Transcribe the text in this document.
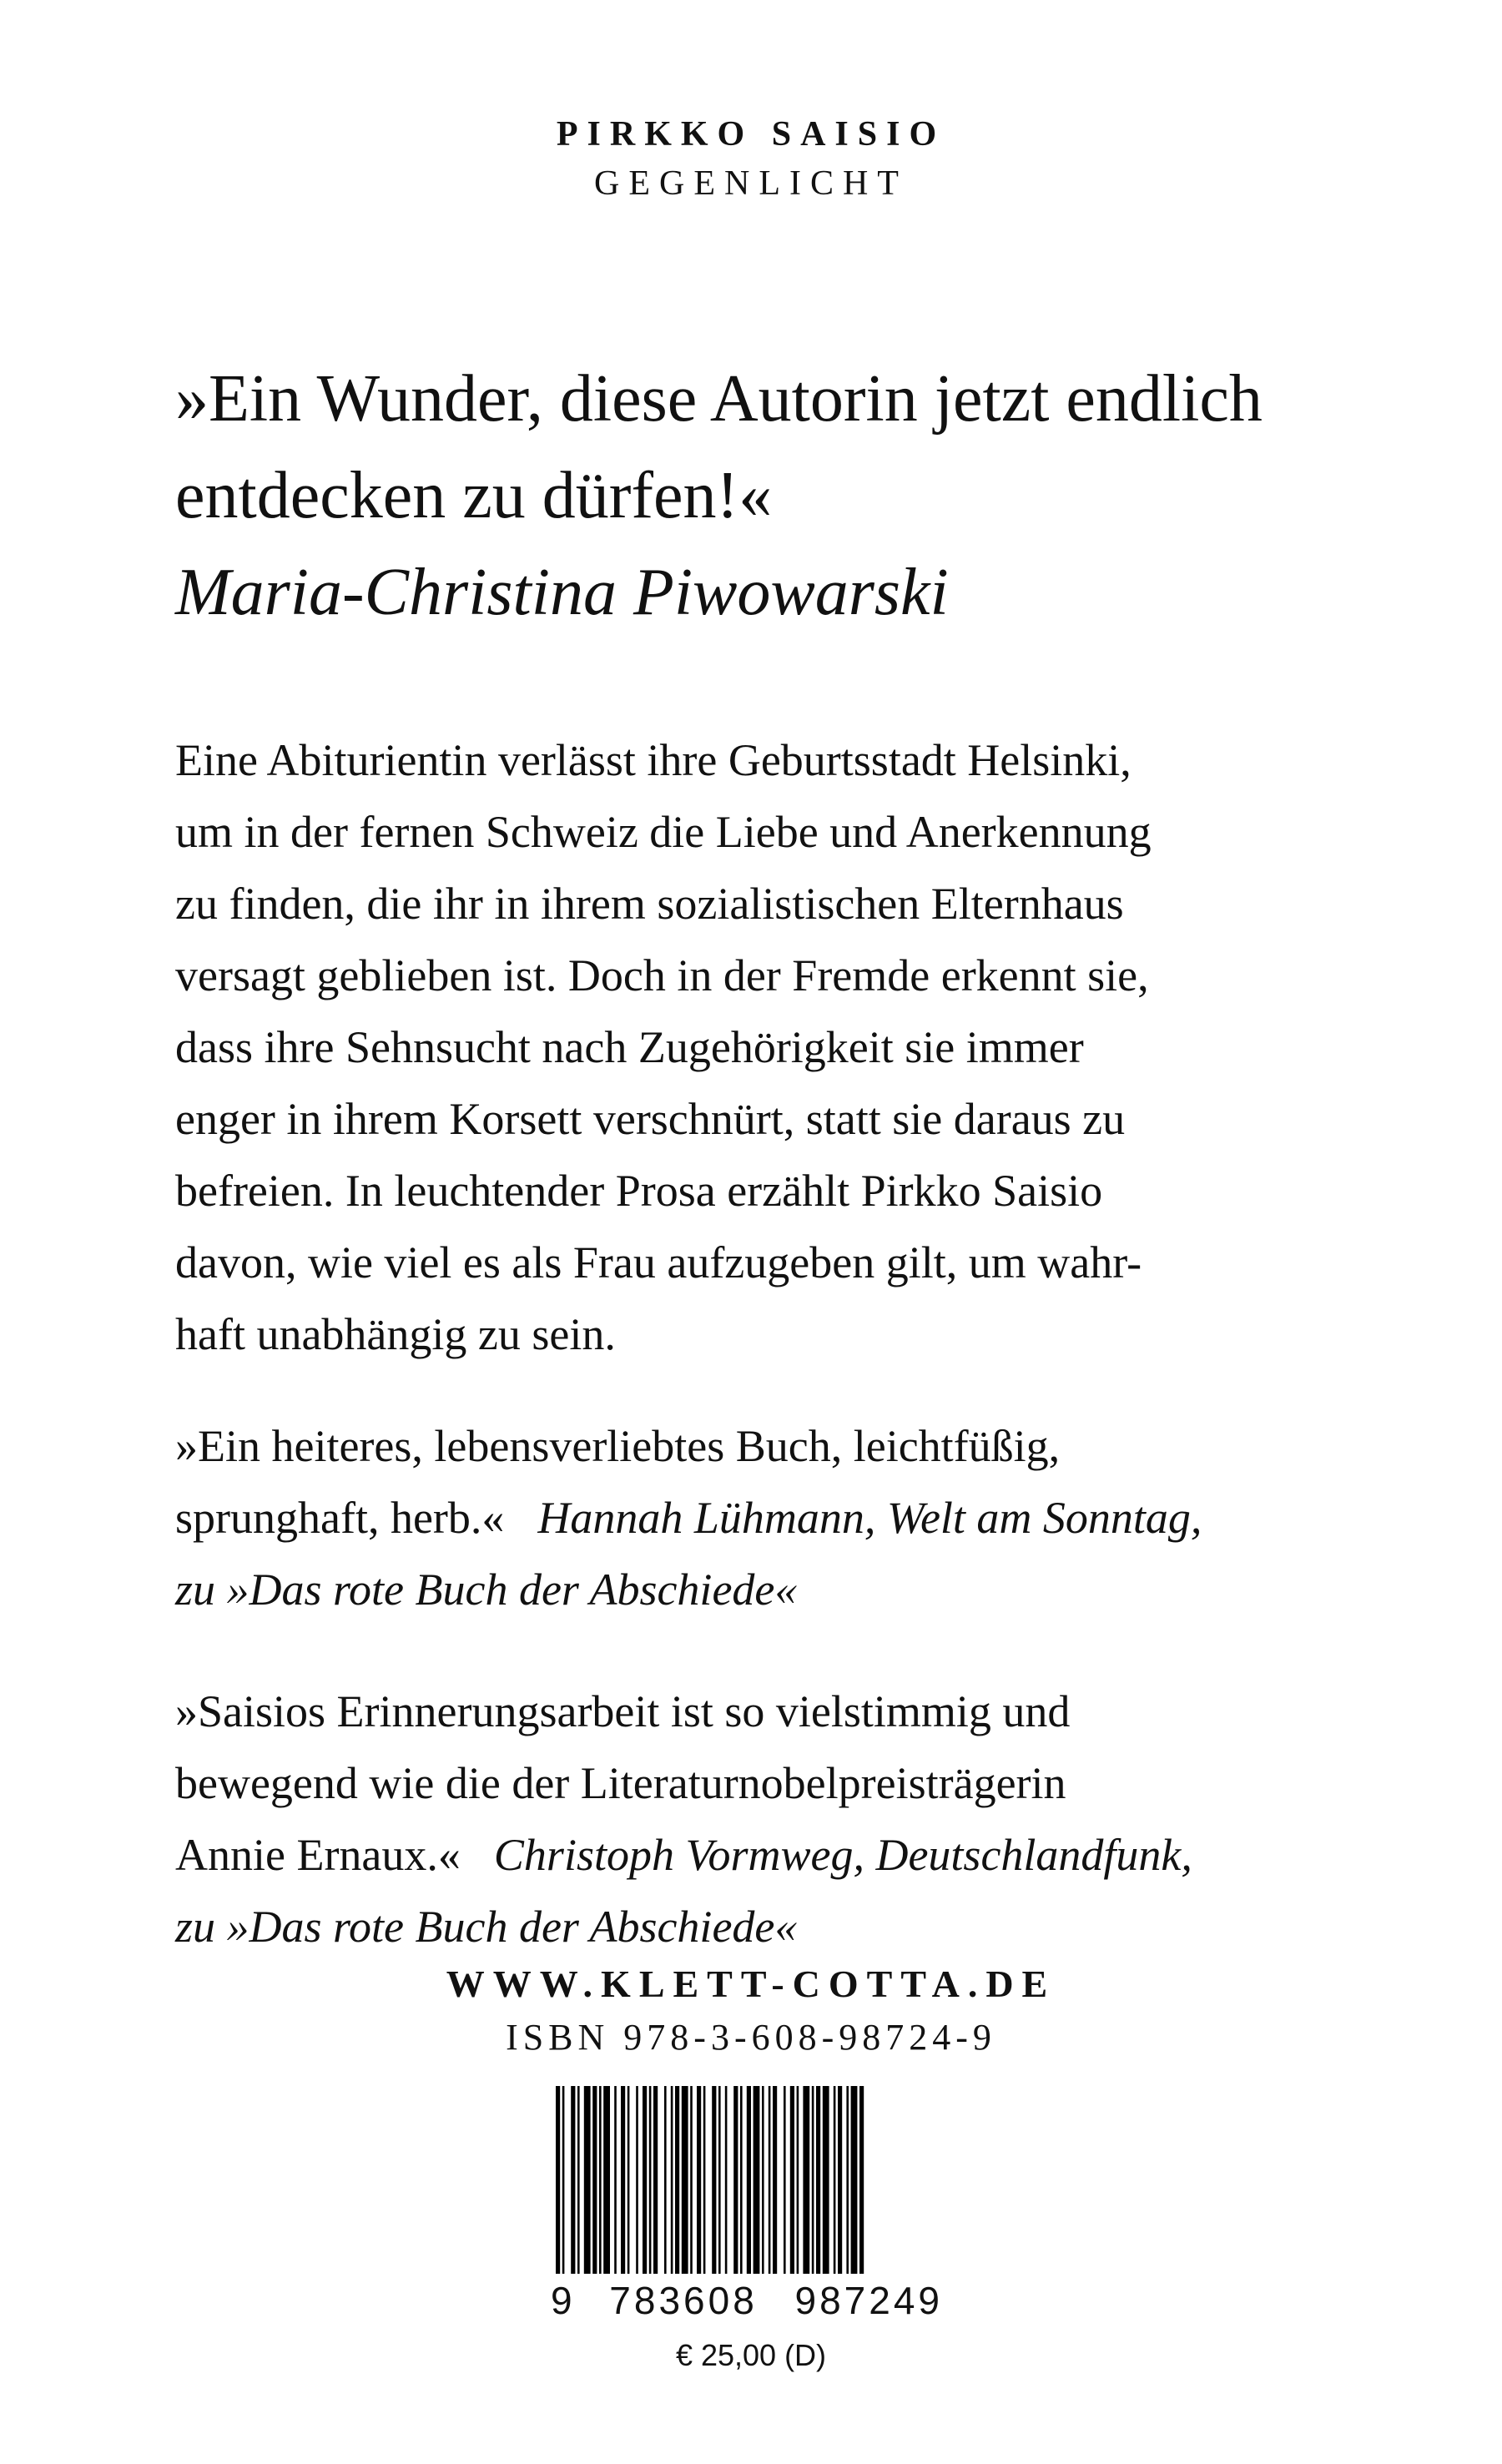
PIRKKO SAISIO
GEGENLICHT
»Ein Wunder, diese Autorin jetzt endlich
entdecken zu dürfen!«
Maria-Christina Piwowarski
Eine Abiturientin verlässt ihre Geburtsstadt Helsinki,
um in der fernen Schweiz die Liebe und Anerkennung
zu finden, die ihr in ihrem sozialistischen Elternhaus
versagt geblieben ist. Doch in der Fremde erkennt sie,
dass ihre Sehnsucht nach Zugehörigkeit sie immer
enger in ihrem Korsett verschnürt, statt sie daraus zu
befreien. In leuchtender Prosa erzählt Pirkko Saisio
davon, wie viel es als Frau aufzugeben gilt, um wahr-
haft unabhängig zu sein.
»Ein heiteres, lebensverliebtes Buch, leichtfüßig,
sprunghaft, herb.« Hannah Lühmann, Welt am Sonntag,
zu »Das rote Buch der Abschiede«
»Saisios Erinnerungsarbeit ist so vielstimmig und
bewegend wie die der Literaturnobelpreisträgerin
Annie Ernaux.« Christoph Vormweg, Deutschlandfunk,
zu »Das rote Buch der Abschiede«
WWW.KLETT-COTTA.DE
ISBN 978-3-608-98724-9
9 783608 987249
€ 25,00 (D)
